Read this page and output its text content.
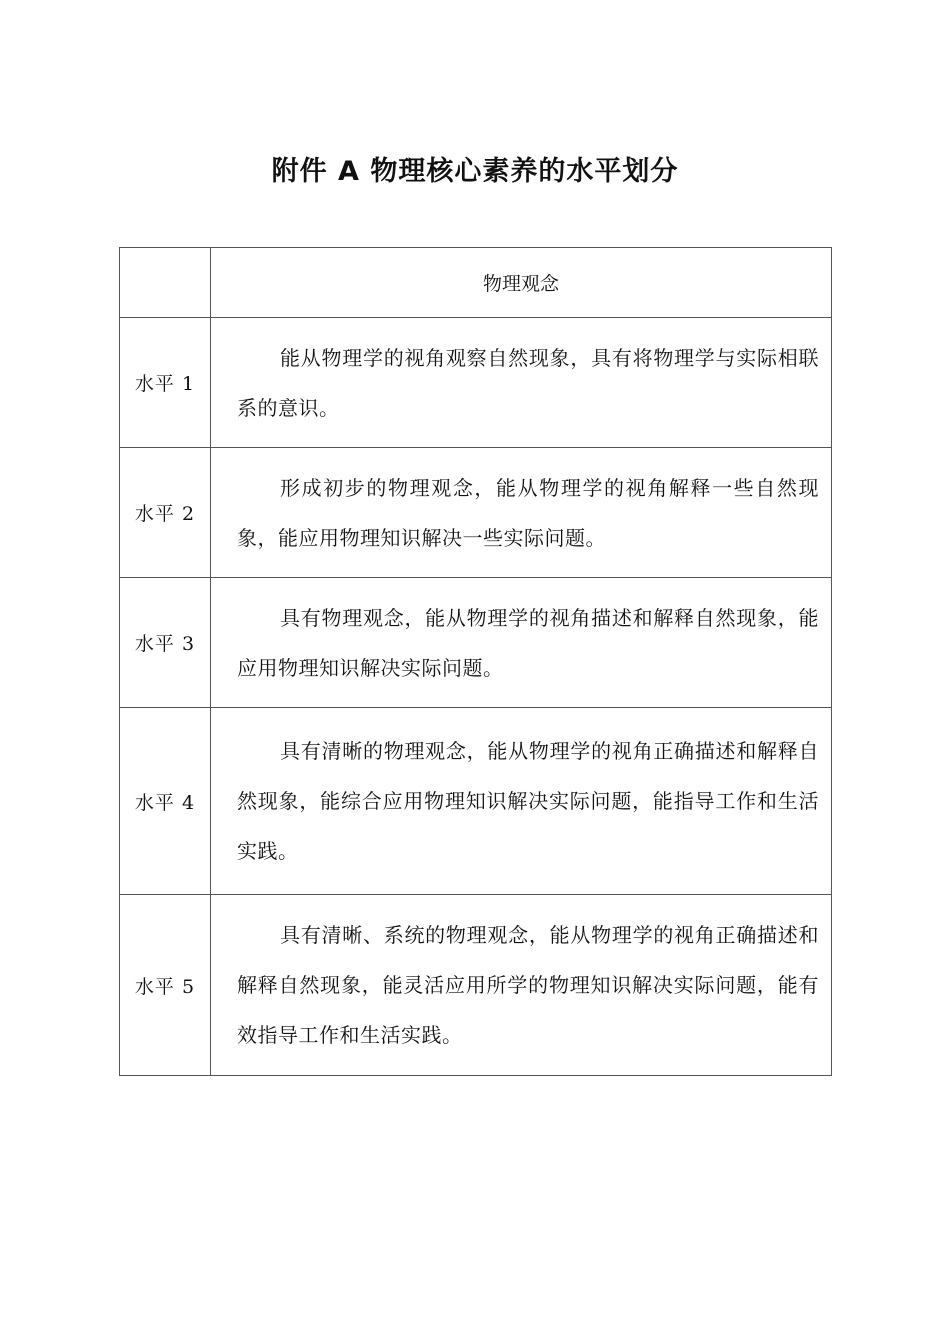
附件 A 物理核心素养的水平划分
	物理观念
水平 1	能从物理学的视角观察自然现象，具有将物理学与实际相联系的意识。
水平 2	形成初步的物理观念，能从物理学的视角解释一些自然现象，能应用物理知识解决一些实际问题。
水平 3	具有物理观念，能从物理学的视角描述和解释自然现象，能应用物理知识解决实际问题。
水平 4	具有清晰的物理观念，能从物理学的视角正确描述和解释自然现象，能综合应用物理知识解决实际问题，能指导工作和生活实践。
水平 5	具有清晰、系统的物理观念，能从物理学的视角正确描述和解释自然现象，能灵活应用所学的物理知识解决实际问题，能有效指导工作和生活实践。
